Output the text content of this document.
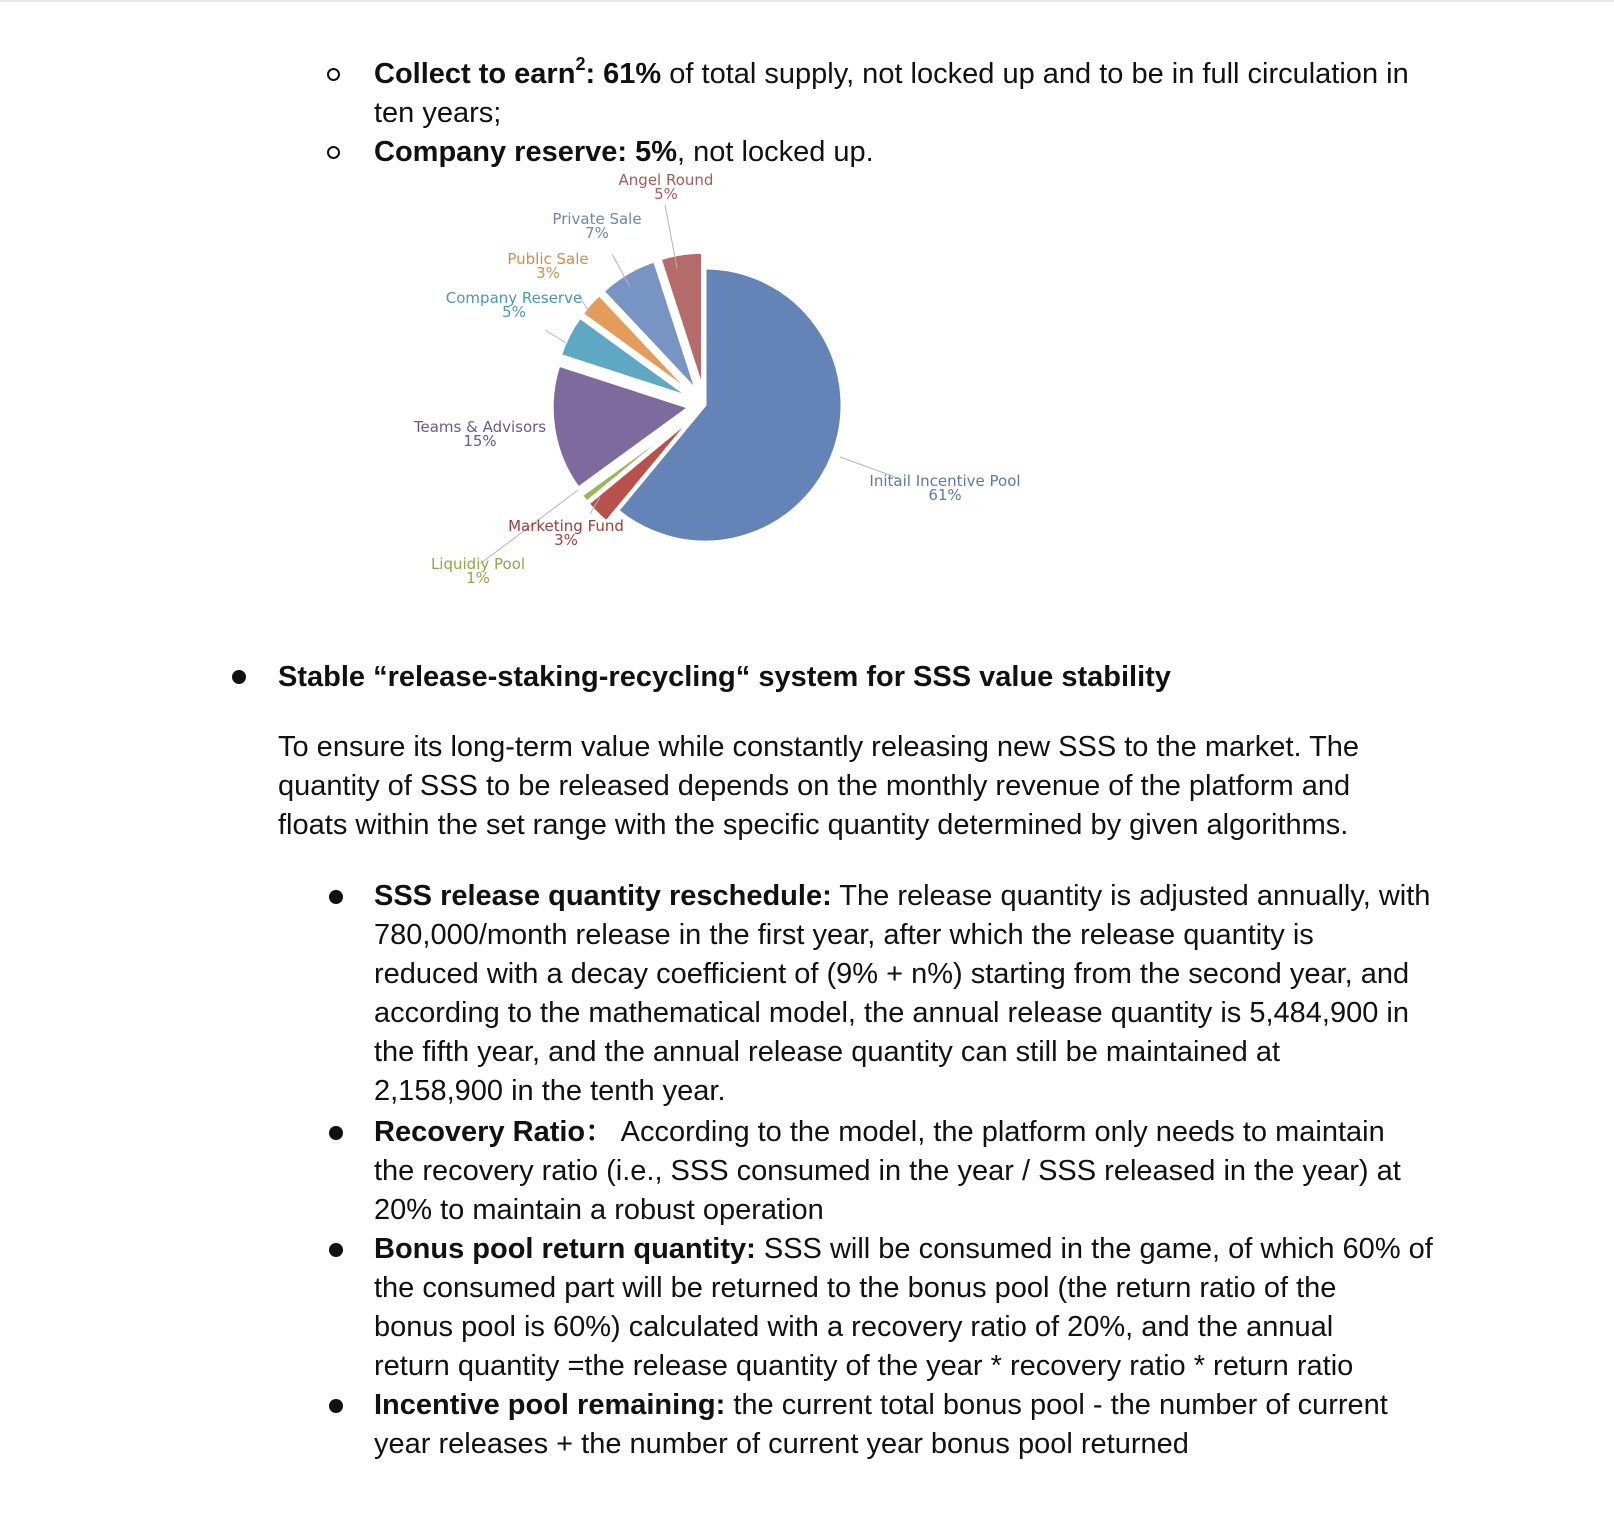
Collect to earn$^2$: 61% of total supply, not locked up and to be in full circulation in
ten years;
Company reserve: 5%, not locked up.
Initail Incentive Pool
61%
Marketing Fund
3%
Liquidiy Pool
1%
Teams & Advisors
15%
Company Reserve
5%
Public Sale
3%
Private Sale
7%
Angel Round
5%
Stable “release-staking-recycling“ system for SSS value stability
To ensure its long-term value while constantly releasing new SSS to the market. The
quantity of SSS to be released depends on the monthly revenue of the platform and
floats within the set range with the specific quantity determined by given algorithms.
SSS release quantity reschedule: The release quantity is adjusted annually, with
780,000/month release in the first year, after which the release quantity is
reduced with a decay coefficient of (9% + n%) starting from the second year, and
according to the mathematical model, the annual release quantity is 5,484,900 in
the fifth year, and the annual release quantity can still be maintained at
2,158,900 in the tenth year.
Recovery Ratio： According to the model, the platform only needs to maintain
the recovery ratio (i.e., SSS consumed in the year / SSS released in the year) at
20% to maintain a robust operation
Bonus pool return quantity: SSS will be consumed in the game, of which 60% of
the consumed part will be returned to the bonus pool (the return ratio of the
bonus pool is 60%) calculated with a recovery ratio of 20%, and the annual
return quantity =the release quantity of the year * recovery ratio * return ratio
Incentive pool remaining: the current total bonus pool - the number of current
year releases + the number of current year bonus pool returned
